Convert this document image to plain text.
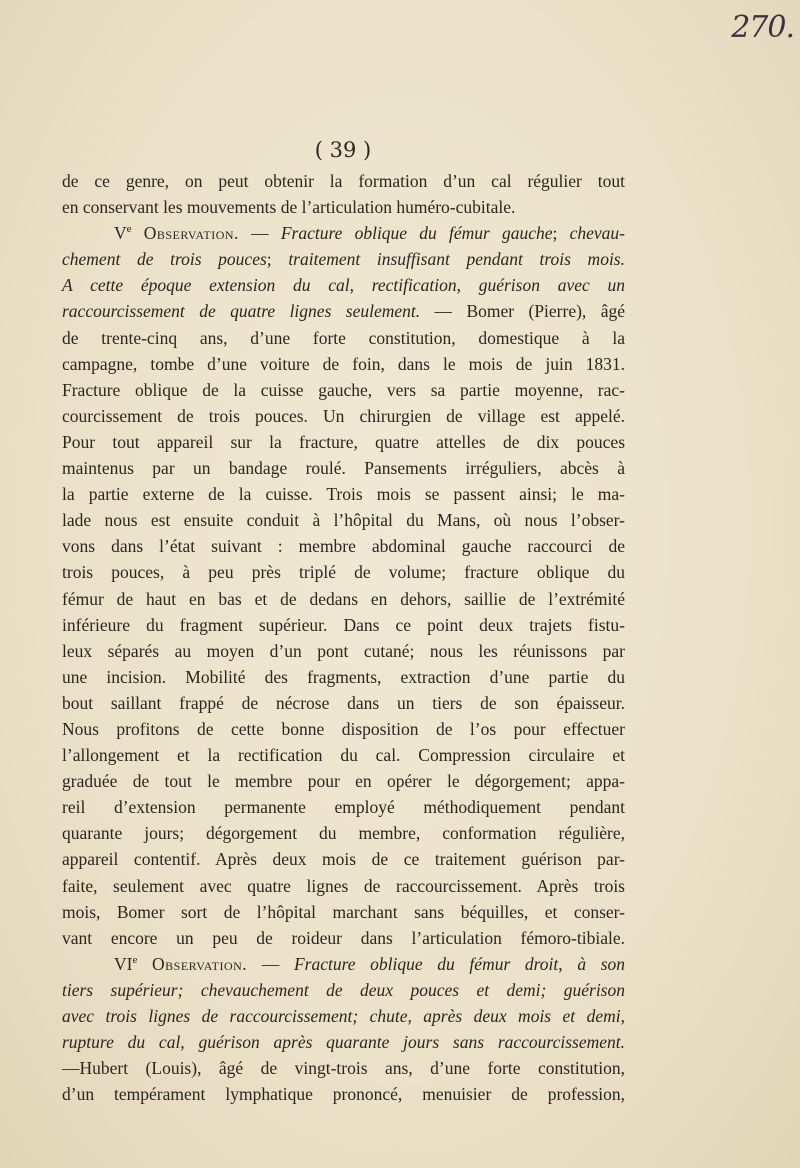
270.
( 39 )
de ce genre, on peut obtenir la formation d’un cal régulier tout
en conservant les mouvements de l’articulation huméro-cubitale.
Ve Observation. — Fracture oblique du fémur gauche; chevau-
chement de trois pouces; traitement insuffisant pendant trois mois.
A cette époque extension du cal, rectification, guérison avec un
raccourcissement de quatre lignes seulement. — Bomer (Pierre), âgé
de trente-cinq ans, d’une forte constitution, domestique à la
campagne, tombe d’une voiture de foin, dans le mois de juin 1831.
Fracture oblique de la cuisse gauche, vers sa partie moyenne, rac-
courcissement de trois pouces. Un chirurgien de village est appelé.
Pour tout appareil sur la fracture, quatre attelles de dix pouces
maintenus par un bandage roulé. Pansements irréguliers, abcès à
la partie externe de la cuisse. Trois mois se passent ainsi; le ma-
lade nous est ensuite conduit à l’hôpital du Mans, où nous l’obser-
vons dans l’état suivant : membre abdominal gauche raccourci de
trois pouces, à peu près triplé de volume; fracture oblique du
fémur de haut en bas et de dedans en dehors, saillie de l’extrémité
inférieure du fragment supérieur. Dans ce point deux trajets fistu-
leux séparés au moyen d’un pont cutané; nous les réunissons par
une incision. Mobilité des fragments, extraction d’une partie du
bout saillant frappé de nécrose dans un tiers de son épaisseur.
Nous profitons de cette bonne disposition de l’os pour effectuer
l’allongement et la rectification du cal. Compression circulaire et
graduée de tout le membre pour en opérer le dégorgement; appa-
reil d’extension permanente employé méthodiquement pendant
quarante jours; dégorgement du membre, conformation régulière,
appareil contentif. Après deux mois de ce traitement guérison par-
faite, seulement avec quatre lignes de raccourcissement. Après trois
mois, Bomer sort de l’hôpital marchant sans béquilles, et conser-
vant encore un peu de roideur dans l’articulation fémoro-tibiale.
VIe Observation. — Fracture oblique du fémur droit, à son
tiers supérieur; chevauchement de deux pouces et demi; guérison
avec trois lignes de raccourcissement; chute, après deux mois et demi,
rupture du cal, guérison après quarante jours sans raccourcissement.
—Hubert (Louis), âgé de vingt-trois ans, d’une forte constitution,
d’un tempérament lymphatique prononcé, menuisier de profession,
